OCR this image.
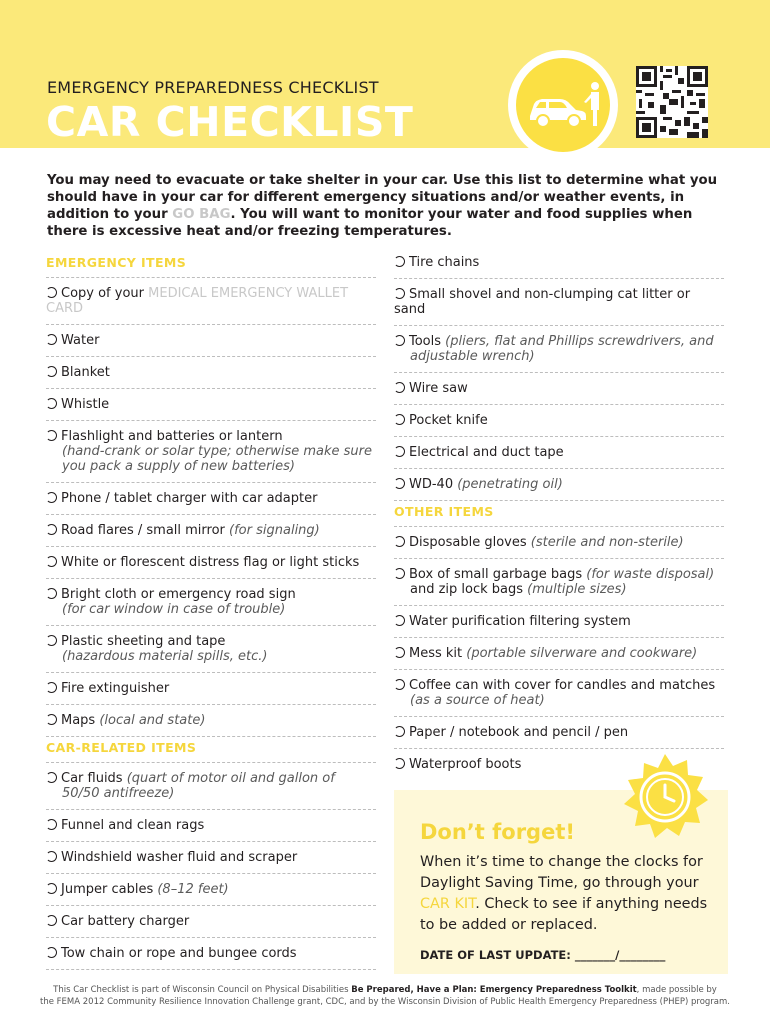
EMERGENCY PREPAREDNESS CHECKLIST
CAR CHECKLIST
You may need to evacuate or take shelter in your car. Use this list to determine what you should have in your car for different emergency situations and/or weather events, in addition to your GO BAG. You will want to monitor your water and food supplies when there is excessive heat and/or freezing temperatures.
EMERGENCY ITEMS
Copy of your MEDICAL EMERGENCY WALLET CARD
Water
Blanket
Whistle
Flashlight and batteries or lantern
(hand-crank or solar type; otherwise make sure you pack a supply of new batteries)
Phone / tablet charger with car adapter
Road flares / small mirror (for signaling)
White or florescent distress flag or light sticks
Bright cloth or emergency road sign
(for car window in case of trouble)
Plastic sheeting and tape
(hazardous material spills, etc.)
Fire extinguisher
Maps (local and state)
CAR-RELATED ITEMS
Car fluids (quart of motor oil and gallon of
50/50 antifreeze)
Funnel and clean rags
Windshield washer fluid and scraper
Jumper cables (8–12 feet)
Car battery charger
Tow chain or rope and bungee cords
Tire chains
Small shovel and non-clumping cat litter or sand
Tools (pliers, flat and Phillips screwdrivers, and
adjustable wrench)
Wire saw
Pocket knife
Electrical and duct tape
WD-40 (penetrating oil)
OTHER ITEMS
Disposable gloves (sterile and non-sterile)
Box of small garbage bags (for waste disposal)
and zip lock bags (multiple sizes)
Water purification filtering system
Mess kit (portable silverware and cookware)
Coffee can with cover for candles and matches
(as a source of heat)
Paper / notebook and pencil / pen
Waterproof boots
Don’t forget!
When it’s time to change the clocks for Daylight Saving Time, go through your CAR KIT. Check to see if anything needs to be added or replaced.
DATE OF LAST UPDATE: _______/________
This Car Checklist is part of Wisconsin Council on Physical Disabilities Be Prepared, Have a Plan: Emergency Preparedness Toolkit, made possible by
the FEMA 2012 Community Resilience Innovation Challenge grant, CDC, and by the Wisconsin Division of Public Health Emergency Preparedness (PHEP) program.
